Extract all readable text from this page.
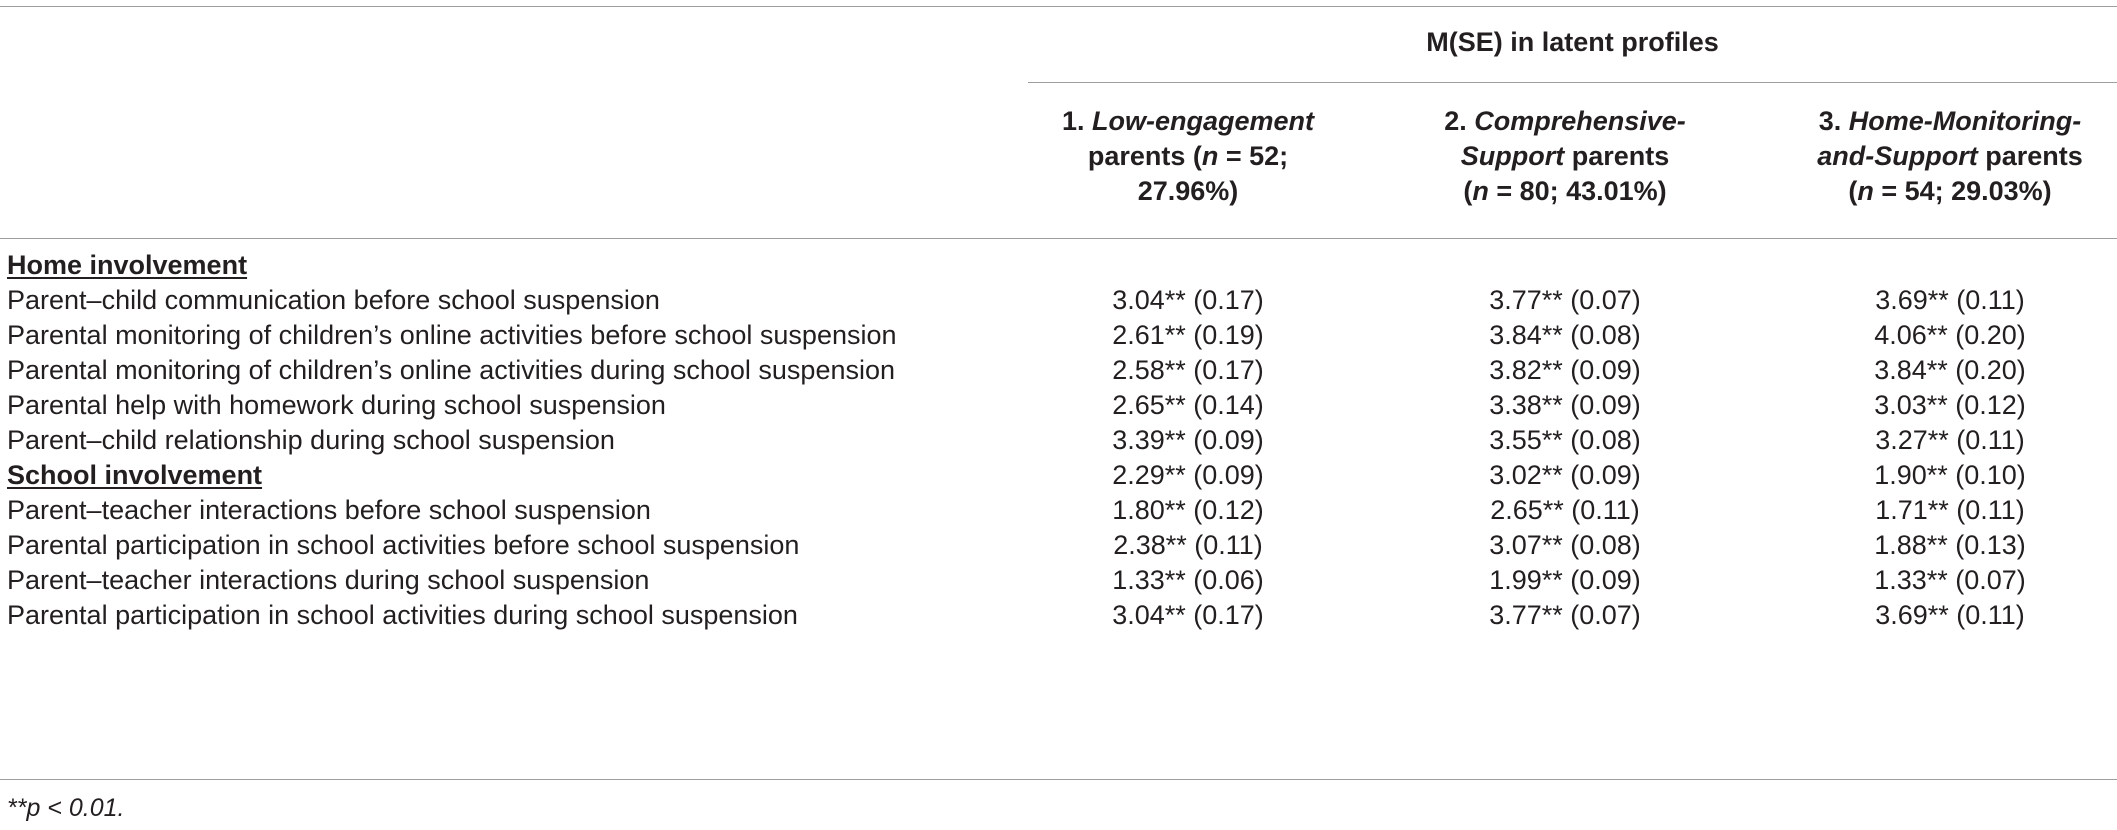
M(SE) in latent profiles
1. Low-engagement
parents (n = 52;
27.96%)
2. Comprehensive-
Support parents
(n = 80; 43.01%)
3. Home-Monitoring-
and-Support parents
(n = 54; 29.03%)
Home involvement
Parent–child communication before school suspension	3.04** (0.17)	3.77** (0.07)	3.69** (0.11)
Parental monitoring of children’s online activities before school suspension	2.61** (0.19)	3.84** (0.08)	4.06** (0.20)
Parental monitoring of children’s online activities during school suspension	2.58** (0.17)	3.82** (0.09)	3.84** (0.20)
Parental help with homework during school suspension	2.65** (0.14)	3.38** (0.09)	3.03** (0.12)
Parent–child relationship during school suspension	3.39** (0.09)	3.55** (0.08)	3.27** (0.11)
School involvement	2.29** (0.09)	3.02** (0.09)	1.90** (0.10)
Parent–teacher interactions before school suspension	1.80** (0.12)	2.65** (0.11)	1.71** (0.11)
Parental participation in school activities before school suspension	2.38** (0.11)	3.07** (0.08)	1.88** (0.13)
Parent–teacher interactions during school suspension	1.33** (0.06)	1.99** (0.09)	1.33** (0.07)
Parental participation in school activities during school suspension	3.04** (0.17)	3.77** (0.07)	3.69** (0.11)
**p < 0.01.
